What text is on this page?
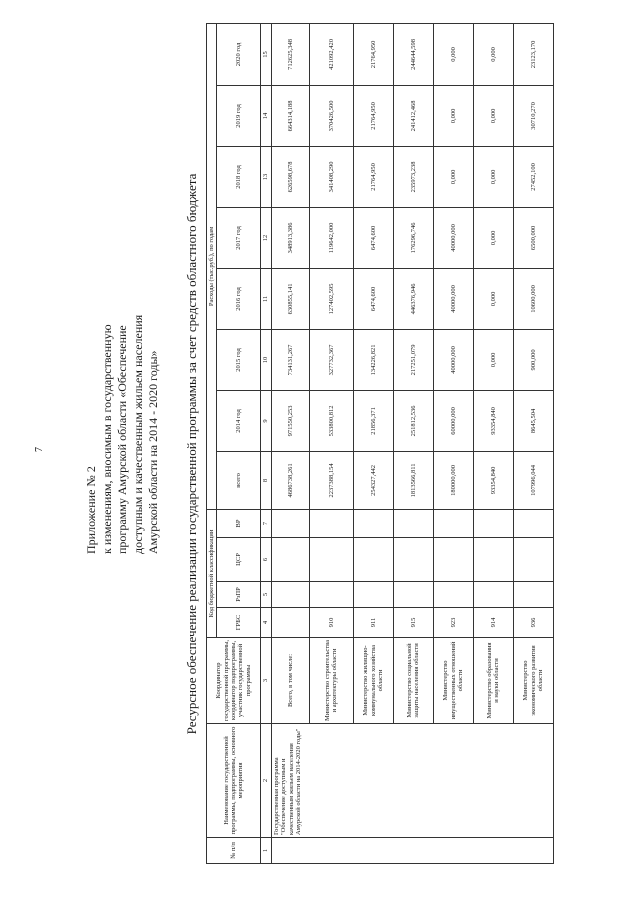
7
Приложение № 2 к изменениям, вносимым в государственную программу Амурской области «Обеспечение доступным и качественным жильем населения Амурской области на 2014 - 2020 годы» Ресурсное обеспечение реализации государственной программы за счет средств областного бюджета
№ п/п	Наименование государственной программы, подпрограммы, основного мероприятия	Координатор государственной программы, координатор подпрограммы, участник государственной программы	Код бюджетной классификации				Расходы (тыс.руб.), по годам							
			ГРБС	РзПР	ЦСР	ВР	всего	2014 год	2015 год	2016 год	2017 год	2018 год	2019 год	2020 год
1	2	3	4	5	6	7	8	9	10	11	12	13	14	15
	Государственная программа "Обеспечение доступным и качественным жильем населения Амурской области на 2014-2020 годы"	Всего, в том числе:					4686738,261	971550,253	734131,267	630855,141	348913,386	626598,678	664314,188	712625,348
		Министерство строительства и архитектуры области	910				2237388,154	533800,812	327732,367	127402,595	119642,000	341408,290	370426,500	421092,420
		Министерство жилищно-коммунального хозяйства области	911				254327,442	21856,371	134226,821	6474,600	6474,600	21764,950	21764,950	21764,950
		Министерство социальной защиты населения области	915				1813566,811	251812,536	217251,079	446376,946	176296,746	235973,238	241412,468	244644,598
		Министерство имущественных отношений области	923				180000,000	60000,000	40000,000	40000,000	40000,000	0,000	0,000	0,000
		Министерство образования и науки области	914				93354,840	93354,840	0,000	0,000	0,000	0,000	0,000	0,000
		Министерство экономического развития области	936				107996,044	8645,504	900,000	10600,000	6500,000	27452,100	30710,270	23123,170
